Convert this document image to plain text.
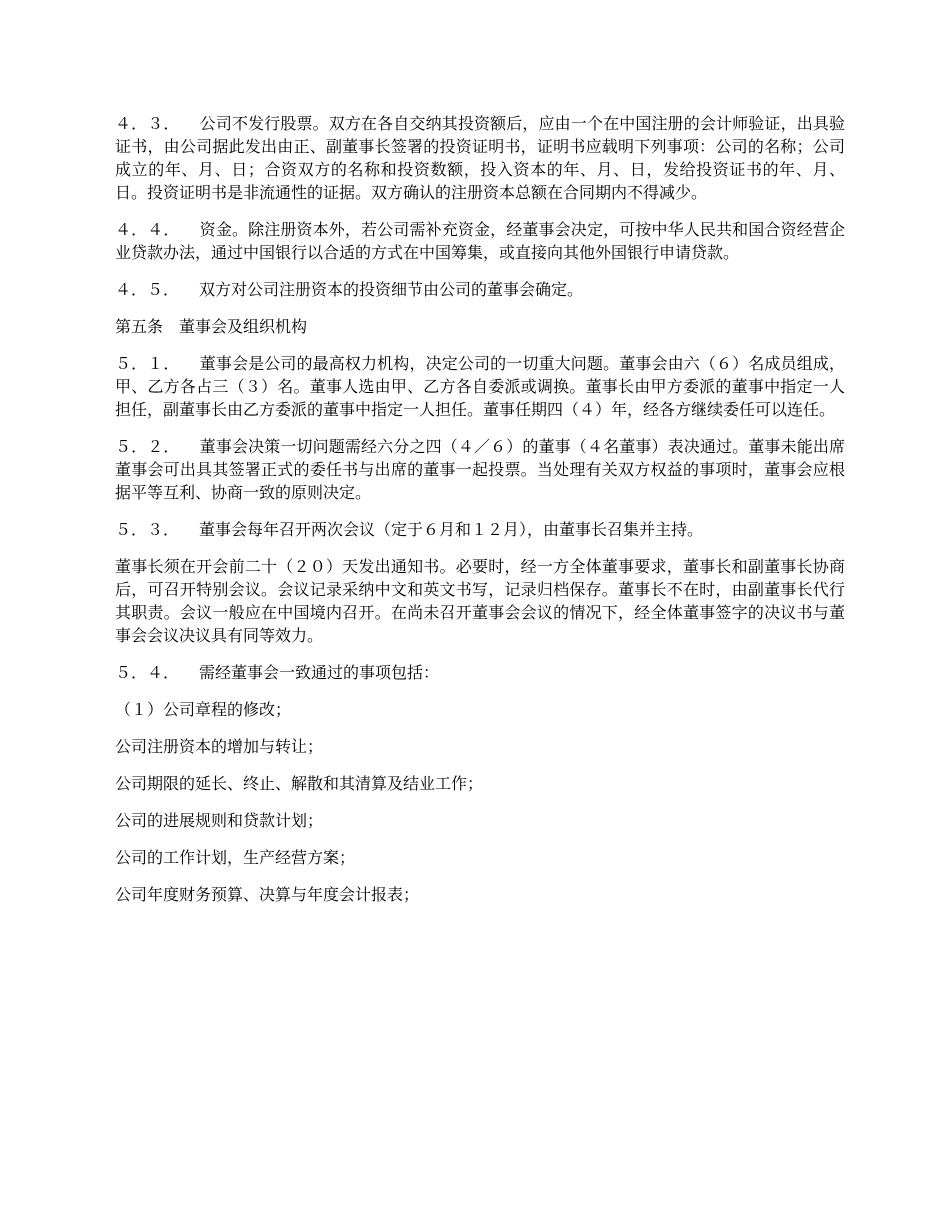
４．３． 公司不发行股票。双方在各自交纳其投资额后，应由一个在中国注册的会计师验证，出具验证书，由公司据此发出由正、副董事长签署的投资证明书，证明书应载明下列事项：公司的名称；公司成立的年、月、日；合资双方的名称和投资数额，投入资本的年、月、日，发给投资证书的年、月、日。投资证明书是非流通性的证据。双方确认的注册资本总额在合同期内不得减少。

４．４． 资金。除注册资本外，若公司需补充资金，经董事会决定，可按中华人民共和国合资经营企业贷款办法，通过中国银行以合适的方式在中国筹集，或直接向其他外国银行申请贷款。

４．５． 双方对公司注册资本的投资细节由公司的董事会确定。

第五条 董事会及组织机构

５．１． 董事会是公司的最高权力机构，决定公司的一切重大问题。董事会由六（６）名成员组成，甲、乙方各占三（３）名。董事人选由甲、乙方各自委派或调换。董事长由甲方委派的董事中指定一人担任，副董事长由乙方委派的董事中指定一人担任。董事任期四（４）年，经各方继续委任可以连任。

５．２． 董事会决策一切问题需经六分之四（４／６）的董事（４名董事）表决通过。董事未能出席董事会可出具其签署正式的委任书与出席的董事一起投票。当处理有关双方权益的事项时，董事会应根据平等互利、协商一致的原则决定。

５．３． 董事会每年召开两次会议（定于６月和１２月），由董事长召集并主持。

董事长须在开会前二十（２０）天发出通知书。必要时，经一方全体董事要求，董事长和副董事长协商后，可召开特别会议。会议记录采纳中文和英文书写，记录归档保存。董事长不在时，由副董事长代行其职责。会议一般应在中国境内召开。在尚未召开董事会会议的情况下，经全体董事签字的决议书与董事会会议决议具有同等效力。

５．４． 需经董事会一致通过的事项包括：

（１）公司章程的修改；

公司注册资本的增加与转让；

公司期限的延长、终止、解散和其清算及结业工作；

公司的进展规则和贷款计划；

公司的工作计划，生产经营方案；

公司年度财务预算、决算与年度会计报表；
